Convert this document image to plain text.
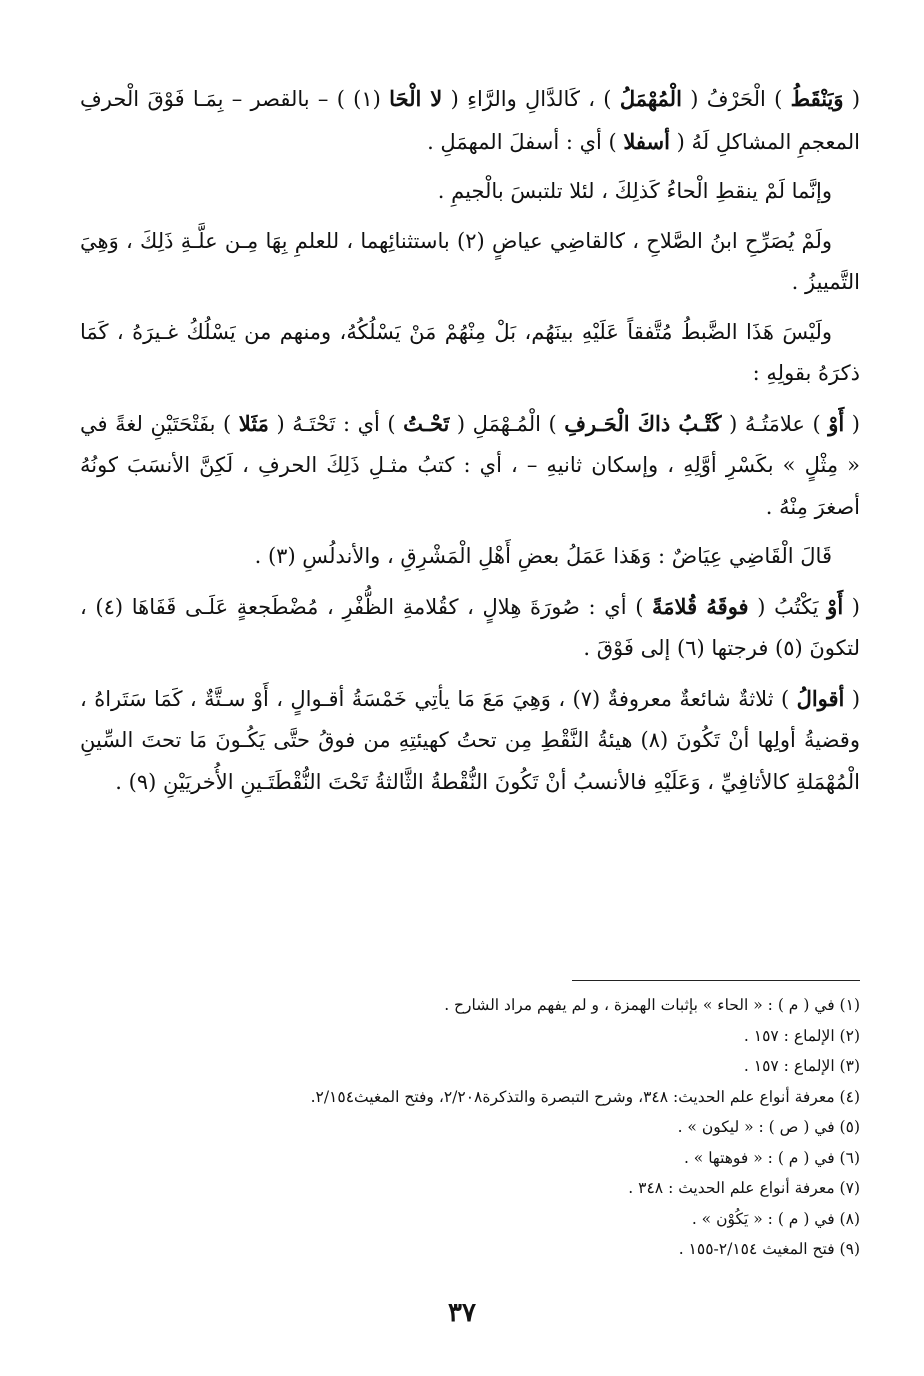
( وَيَنْقَطُ ) الْحَرْفُ ( الْمُهْمَلُ ) ، كَالدَّالِ والرَّاءِ ( لا الْحَا (١) ) – بالقصر – بِمَـا فَوْقَ الْحرفِ المعجمِ المشاكلِ لَهُ ( أسفلا ) أي : أسفلَ المهمَلِ .

وإنَّما لَمْ ينقطِ الْحاءُ كَذلِكَ ، لئلا تلتبسَ بالْجيمِ .

ولَمْ يُصَرِّحِ ابنُ الصَّلاحِ ، كالقاضِي عياضٍ (٢) باستثنائِهما ، للعلمِ بِهَا مِـن علَّـةِ ذَلِكَ ، وَهِيَ التَّمييزُ .

ولَيْسَ هَذَا الضَّبطُ مُتَّفقاً عَلَيْهِ بينَهُم، بَلْ مِنْهُمْ مَنْ يَسْلُكُهُ، ومنهم من يَسْلُكُ غـيرَهُ ، كَمَا ذكرَهُ بقولِهِ :

( أَوْ ) علامَتُـهُ ( كَتْـبُ ذاكَ الْحَـرفِ ) الْمُـهْمَلِ ( تَحْـتُ ) أي : تَحْتَـهُ ( مَثَلا ) بفَتْحَتَيْنِ لغةً في « مِثْلٍ » بكَسْرِ أوَّلِهِ ، وإسكان ثانيهِ – ، أي : كتبُ مثـلِ ذَلِكَ الحرفِ ، لَكِنَّ الأنسَبَ كونُهُ أصغرَ مِنْهُ .

قَالَ الْقَاضِي عِيَاضٌ : وَهَذا عَمَلُ بعضِ أَهْلِ الْمَشْرِقِ ، والأندلُسِ (٣) .

( أَوْ يَكْتُبُ ( فوقَهُ قُلامَةً ) أي : صُورَةَ هِلالٍ ، كقُلامةِ الظُّفْرِ ، مُضْطَجعةٍ عَلَـى قَفَاهَا (٤) ، لتكونَ (٥) فرجتها (٦) إلى فَوْقَ .

( أقوالُ ) ثلاثةٌ شائعةٌ معروفةٌ (٧) ، وَهِيَ مَعَ مَا يأتِي خَمْسَةُ أقـوالٍ ، أَوْ سـتَّةٌ ، كَمَا سَتَراهُ ، وقضيةُ أولِها أنْ تَكُونَ (٨) هيئةُ النَّقْطِ مِن تحتُ كهيئتِهِ من فوقُ حتَّى يَكُـونَ مَا تحتَ السِّينِ الْمُهْمَلةِ كالأثافِيِّ ، وَعَلَيْهِ فالأنسبُ أنْ تَكُونَ النُّقْطةُ الثَّالثةُ تَحْتَ النُّقْطَتَـينِ الأُخريَيْنِ (٩) .

(١) في ( م ) : « الحاء » بإثبات الهمزة ، و لم يفهم مراد الشارح .
(٢) الإلماع : ١٥٧ .
(٣) الإلماع : ١٥٧ .
(٤) معرفة أنواع علم الحديث: ٣٤٨، وشرح التبصرة والتذكرة٢/٢٠٨، وفتح المغيث٢/١٥٤.
(٥) في ( ص ) : « ليكون » .
(٦) في ( م ) : « فوهتها » .
(٧) معرفة أنواع علم الحديث : ٣٤٨ .
(٨) في ( م ) : « يَكُوْن » .
(٩) فتح المغيث ٢/١٥٤-١٥٥ .
٣٧
